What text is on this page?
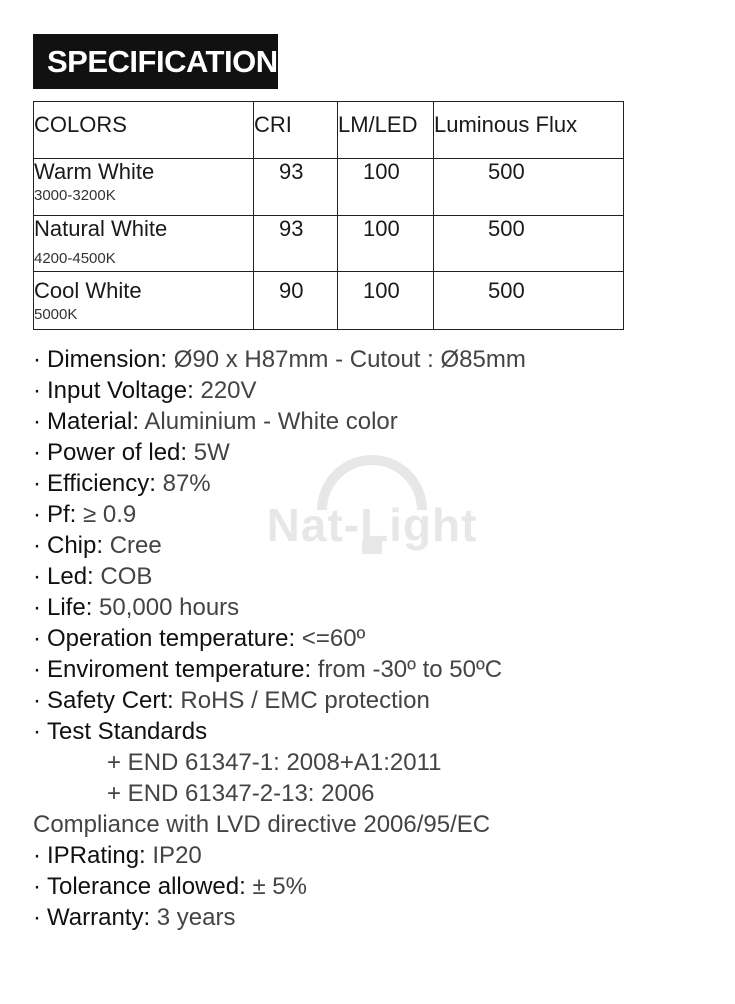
SPECIFICATION
COLORS	CRI	LM/LED	Luminous Flux

Warm White
3000-3200K	93	100	500

Natural White
4200-4500K	93	100	500

Cool White
5000K	90	100	500
Nat-Light
· Dimension: Ø90 x H87mm - Cutout : Ø85mm
· Input Voltage: 220V
· Material: Aluminium - White color
· Power of led: 5W
· Efficiency: 87%
· Pf: ≥ 0.9
· Chip: Cree
· Led: COB
· Life: 50,000 hours
· Operation temperature: <=60º
· Enviroment temperature: from -30º to 50ºC
· Safety Cert: RoHS / EMC protection
· Test Standards
+ END 61347-1: 2008+A1:2011
+ END 61347-2-13: 2006
Compliance with LVD directive 2006/95/EC
· IPRating: IP20
· Tolerance allowed: ± 5%
· Warranty: 3 years
